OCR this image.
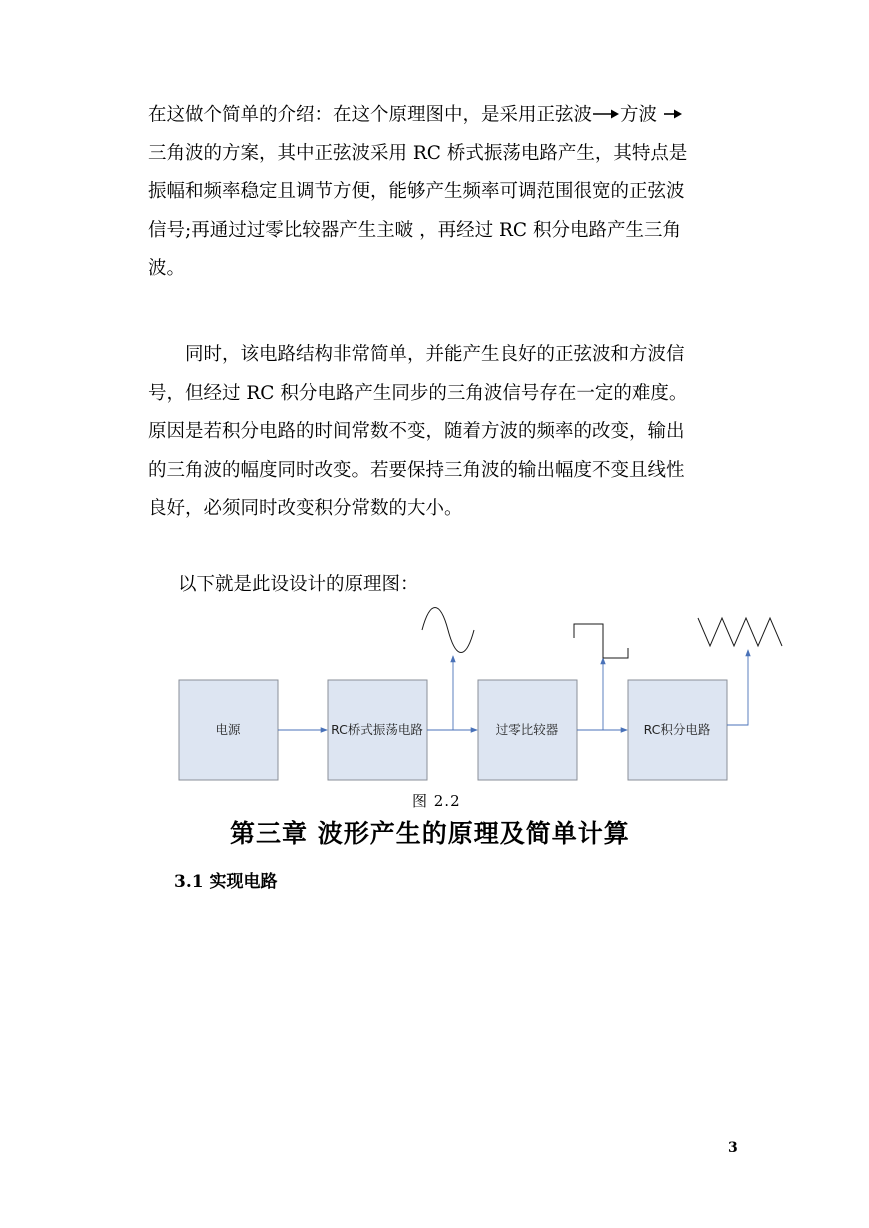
在这做个简单的介绍：在这个原理图中，是采用正弦波 方波
三角波的方案，其中正弦波采用 RC 桥式振荡电路产生，其特点是
振幅和频率稳定且调节方便，能够产生频率可调范围很宽的正弦波
信号;再通过过零比较器产生主啵 ，再经过 RC 积分电路产生三角
波。
同时，该电路结构非常简单，并能产生良好的正弦波和方波信
号，但经过 RC 积分电路产生同步的三角波信号存在一定的难度。
原因是若积分电路的时间常数不变，随着方波的频率的改变，输出
的三角波的幅度同时改变。若要保持三角波的输出幅度不变且线性
良好，必须同时改变积分常数的大小。
以下就是此设设计的原理图：
电源	RC桥式振荡电路	过零比较器	RC积分电路
图 2.2
第三章 波形产生的原理及简单计算
3.1 实现电路
3
